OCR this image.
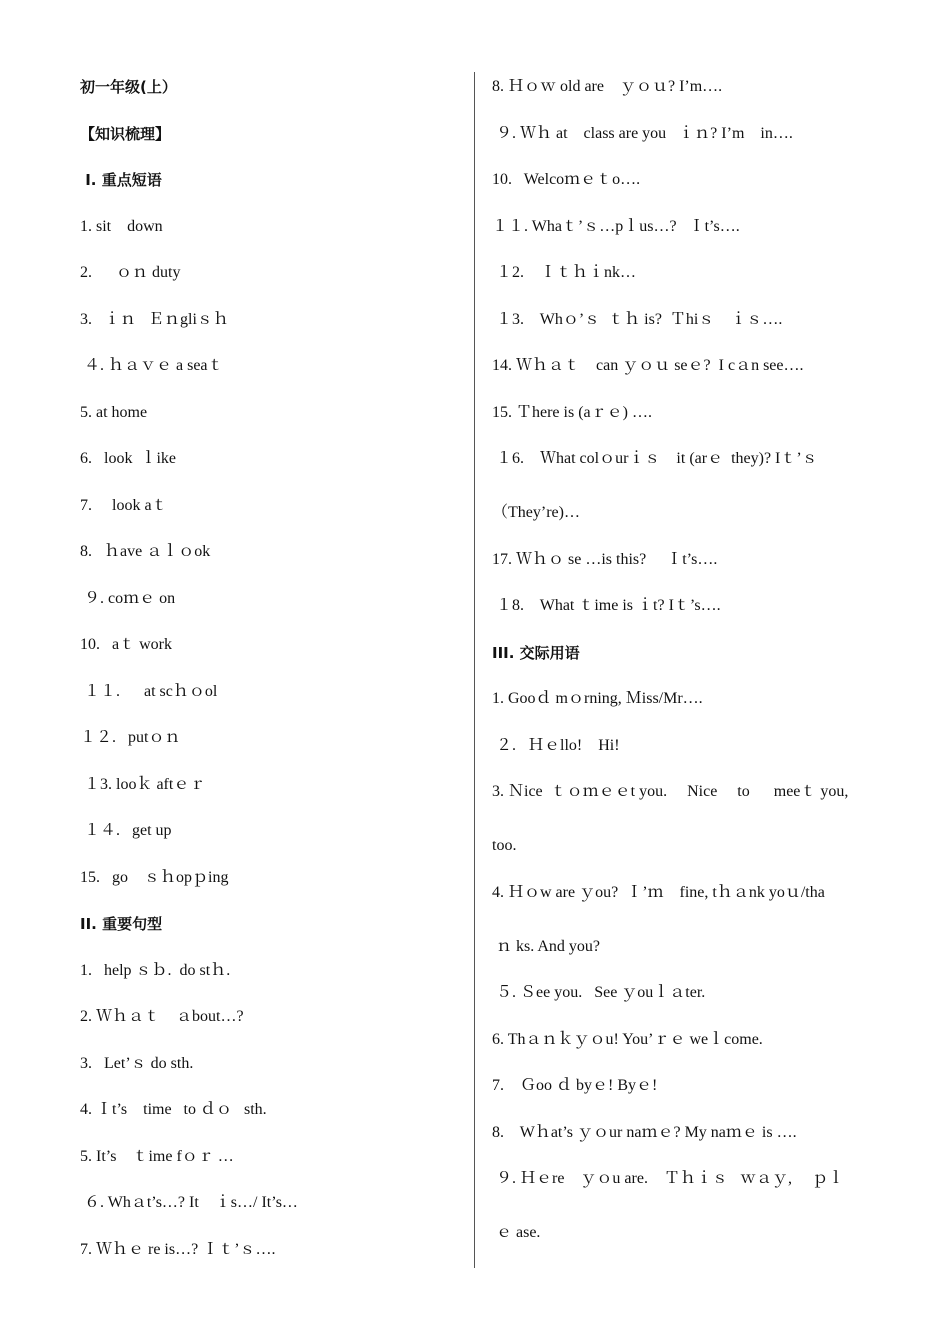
初一年级(上）
【知识梳理】
Ⅰ. 重点短语
1. sit    down
2.      ｏｎ duty
3.   ｉｎ   Ｅｎgliｓｈ
４. ｈａｖｅ a seaｔ
5. at home
6.   look  ｌike
7.     look aｔ
8.   ｈave ａｌｏok
９. coｍｅ on
10.   aｔ work
１１.      at scｈｏol
１２.   putｏｎ
１3. looｋ aftｅｒ
１４.   get up
15.   go    ｓｈopｐing
II. 重要句型
1.   help ｓｂ.  do stｈ.
2. Ｗｈａｔ    ａbout…?
3.   Let’ｓ do sth.
4. Ｉt’s    time   to ｄｏ   sth.
5. It’s    ｔime fｏｒ …
６. Whａt’s…? It    ｉs…/ It’s…
7. Ｗｈｅ re is…? Ｉｔ’ｓ….
8. Ｈｏｗ old are    ｙｏｕ? I’m….
９. Ｗｈ at    class are you   ｉｎ? I’m    in….
10.   Welcoｍｅｔo….
１１. Whaｔ’ｓ…pｌus…?   Ｉt’s….
１2.    Ｉｔｈｉnk…
１3.    Whｏ’ｓ  ｔｈ is?  Ｔhiｓ    ｉｓ….
14. Ｗｈａｔ    can ｙｏｕ seｅ?  I cａn see….
15. Ｔhere is (aｒｅ) ….
１6.    Ｗhat colｏurｉｓ    it (arｅ  they)? Iｔ’ｓ
（They’re)…
17. Ｗｈｏ se …is this?     Ｉt’s….
１8.    What ｔime is ｉt? Iｔ’s….
III. 交际用语
1. Gooｄ mｏrning, Ｍiss/Mr….
２.   Ｈｅllo!    Hi!
3. Ｎice  ｔｏｍｅｅt you.     Nice     to      meeｔ you,
too.
4. Ｈｏw are ｙou?  Ｉ’ｍ    fine, tｈａnk yoｕ/tha
ｎ ks. And you?
５. Ｓee you.   See ｙouｌａter.
6. Thａｎｋｙｏu! You’ｒｅ weｌcome.
7.    Ｇoo ｄ byｅ! Byｅ!
8.    Wｈat’s ｙｏur naｍｅ? My naｍｅ is ….
９. Ｈｅre    ｙｏu are.    Ｔｈｉｓ   ｗａｙ,     ｐｌ
ｅ ase.
